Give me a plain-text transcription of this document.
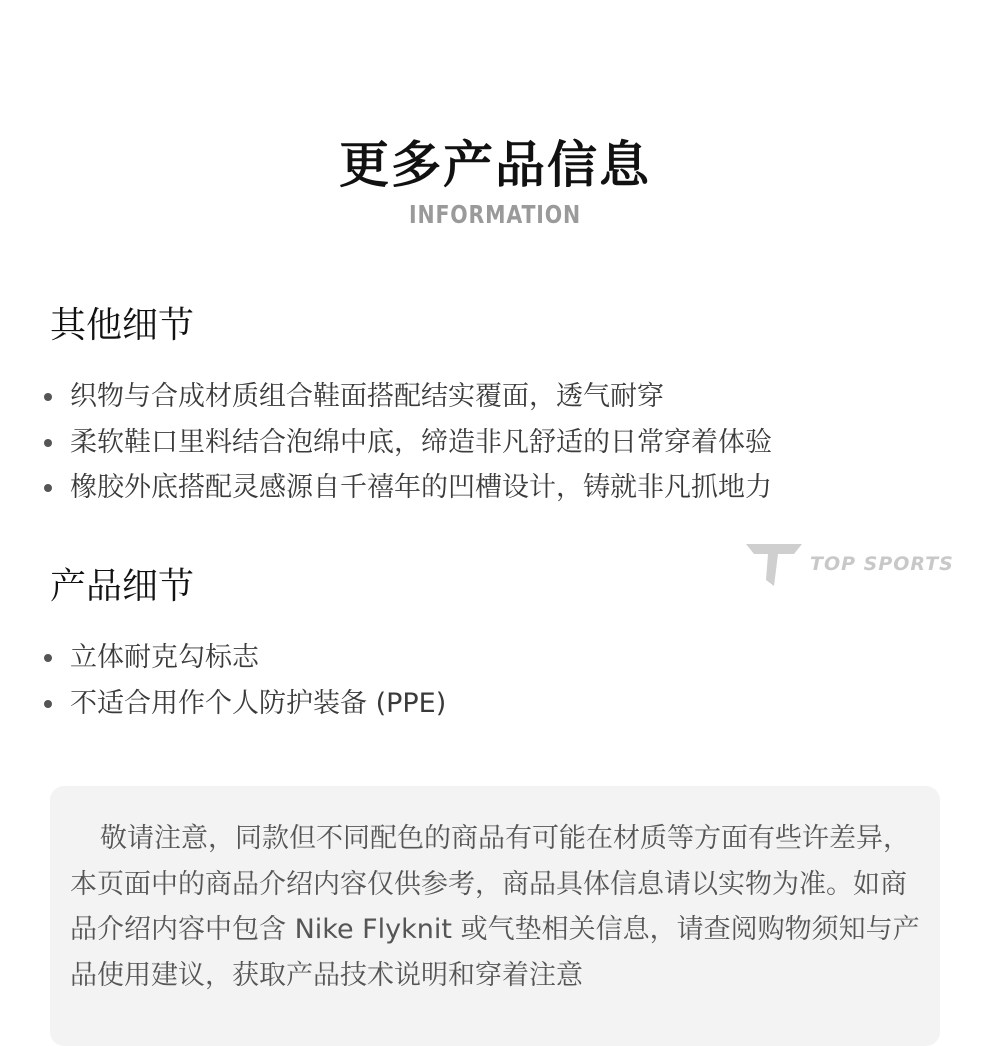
更多产品信息
INFORMATION
其他细节
织物与合成材质组合鞋面搭配结实覆面，透气耐穿
柔软鞋口里料结合泡绵中底，缔造非凡舒适的日常穿着体验
橡胶外底搭配灵感源自千禧年的凹槽设计，铸就非凡抓地力
TOP SPORTS
产品细节
立体耐克勾标志
不适合用作个人防护装备 (PPE)

敬请注意，同款但不同配色的商品有可能在材质等方面有些许差异，本页面中的商品介绍内容仅供参考，商品具体信息请以实物为准。如商品介绍内容中包含 Nike Flyknit 或气垫相关信息，请查阅购物须知与产品使用建议，获取产品技术说明和穿着注意
